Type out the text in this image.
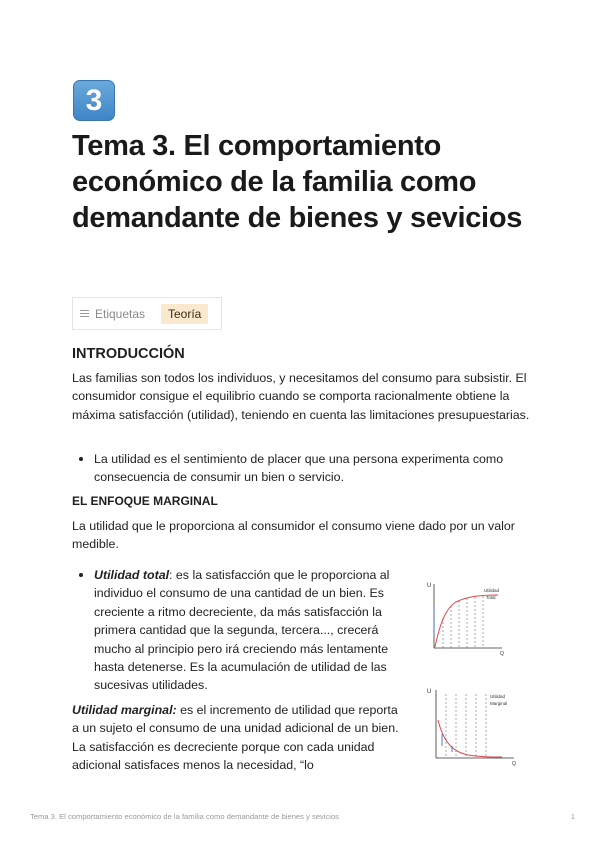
3
Tema 3. El comportamiento económico de la familia como demandante de bienes y sevicios
Etiquetas	Teoría
INTRODUCCIÓN

Las familias son todos los individuos, y necesitamos del consumo para subsistir. El consumidor consigue el equilibrio cuando se comporta racionalmente obtiene la máxima satisfacción (utilidad), teniendo en cuenta las limitaciones presupuestarias.

La utilidad es el sentimiento de placer que una persona experimenta como consecuencia de consumir un bien o servicio.
EL ENFOQUE MARGINAL

La utilidad que le proporciona al consumidor el consumo viene dado por un valor medible.

Utilidad total: es la satisfacción que le proporciona al individuo el consumo de una cantidad de un bien. Es creciente a ritmo decreciente, da más satisfacción la primera cantidad que la segunda, tercera..., crecerá mucho al principio pero irá creciendo más lentamente hasta detenerse. Es la acumulación de utilidad de las sucesivas utilidades.

Utilidad marginal: es el incremento de utilidad que reporta a un sujeto el consumo de una unidad adicional de un bien. La satisfacción es decreciente porque con cada unidad adicional satisfaces menos la necesidad, “lo

U
Utilidad
Total
Q
U
Utilidad
Marginal
Q
Tema 3. El comportamiento económico de la familia como demandante de bienes y sevicios	1
